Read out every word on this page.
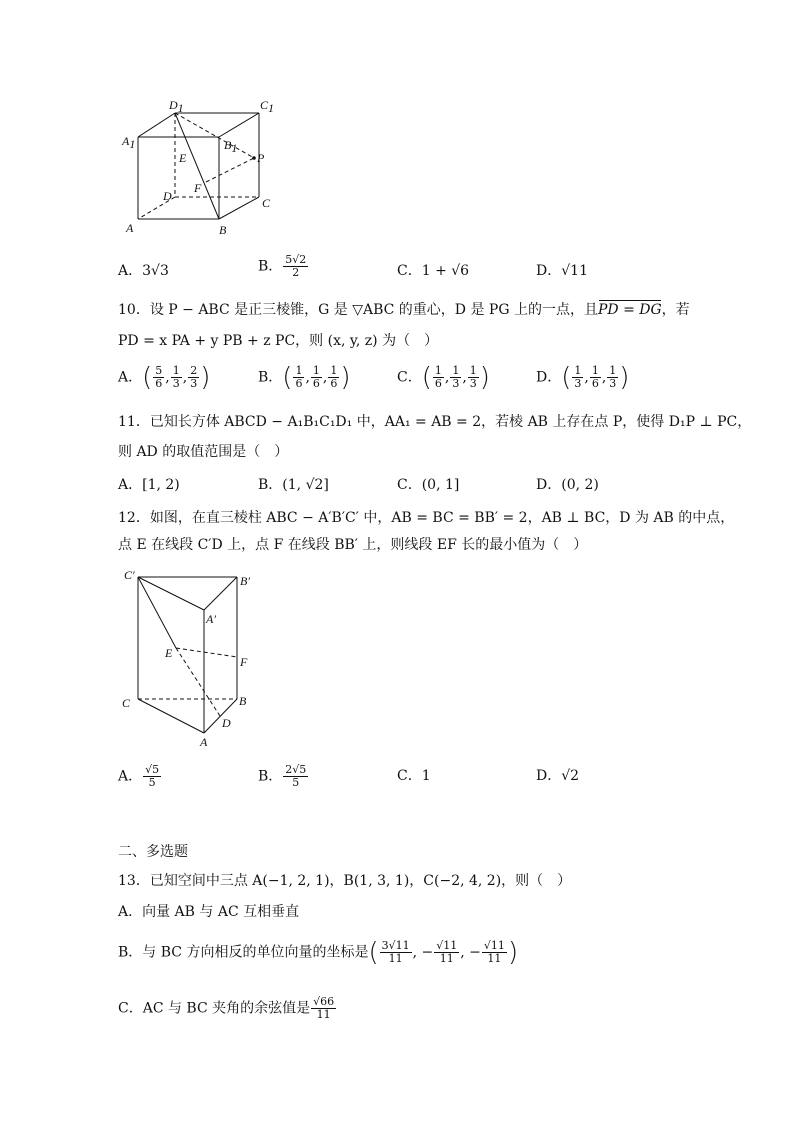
D1	C1
A1	B1
E	P
F
D	C
A	B
A．3√3	B． $\frac{5√2}{2}$	C．1 + √6	D．√11
10．设 P − ABC 是正三棱锥，G 是 ▽ABC 的重心，D 是 PG 上的一点，且PD = DG，若
PD = x PA + y PB + z PC，则 (x, y, z) 为（　）
A．( $\frac{5}{6}$ , $\frac{1}{3}$ , $\frac{2}{3}$ )	B．( $\frac{1}{6}$ , $\frac{1}{6}$ , $\frac{1}{6}$ )	C．( $\frac{1}{6}$ , $\frac{1}{3}$ , $\frac{1}{3}$ )	D．( $\frac{1}{3}$ , $\frac{1}{6}$ , $\frac{1}{3}$ )
11．已知长方体 ABCD − A₁B₁C₁D₁ 中，AA₁ = AB = 2，若棱 AB 上存在点 P，使得 D₁P ⊥ PC，
则 AD 的取值范围是（　）
A．[1, 2)	B．(1, √2]	C．(0, 1]	D．(0, 2)
12．如图，在直三棱柱 ABC − A′B′C′ 中，AB = BC = BB′ = 2，AB ⊥ BC，D 为 AB 的中点，
点 E 在线段 C′D 上，点 F 在线段 BB′ 上，则线段 EF 长的最小值为（　）
C′	B′
A′
E
F
C	B
D
A
A． $\frac{√5}{5}$	B． $\frac{2√5}{5}$	C．1	D．√2
二、多选题
13．已知空间中三点 A(−1, 2, 1)，B(1, 3, 1)，C(−2, 4, 2)，则（　）
A．向量 AB 与 AC 互相垂直
B．与 BC 方向相反的单位向量的坐标是( $\frac{3√11}{11}$ , − $\frac{√11}{11}$ , − $\frac{√11}{11}$ )
C．AC 与 BC 夹角的余弦值是 $\frac{√66}{11}$
